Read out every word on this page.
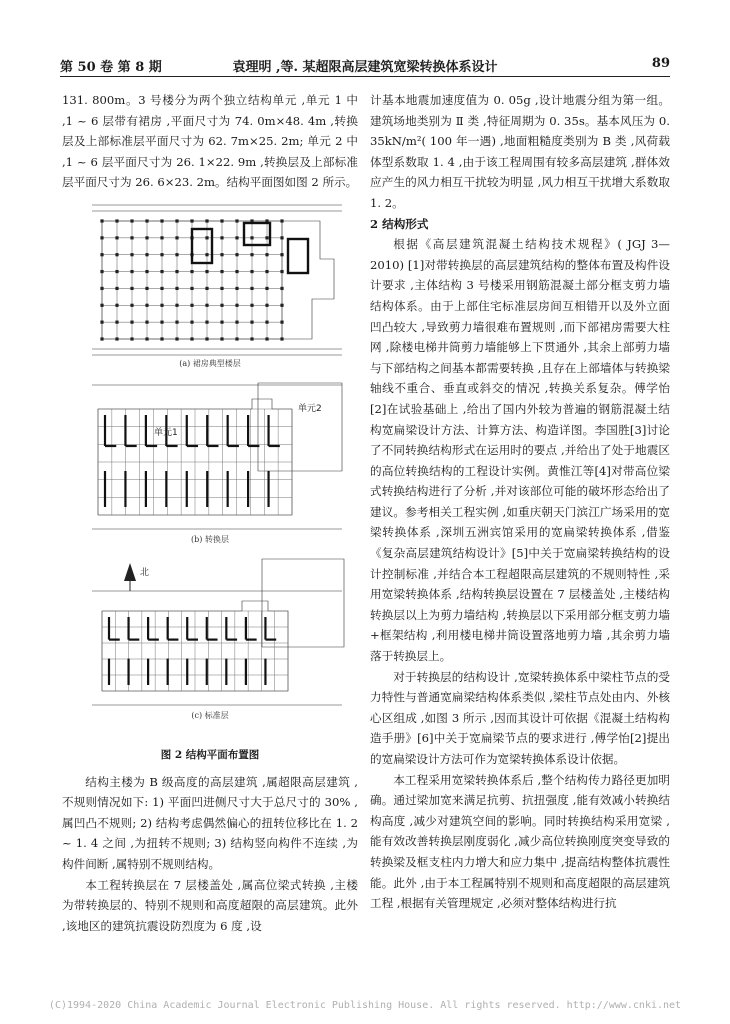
第 50 卷 第 8 期	袁理明 ,等. 某超限高层建筑宽梁转换体系设计	89

131. 800m。3 号楼分为两个独立结构单元 ,单元 1 中 ,1 ~ 6 层带有裙房 ,平面尺寸为 74. 0m×48. 4m ,转换层及上部标准层平面尺寸为 62. 7m×25. 2m; 单元 2 中 ,1 ~ 6 层平面尺寸为 26. 1×22. 9m ,转换层及上部标准层平面尺寸为 26. 6×23. 2m。结构平面图如图 2 所示。

(a) 裙房典型楼层
单元1
单元2
(b) 转换层
北
(c) 标准层
图 2 结构平面布置图

结构主楼为 B 级高度的高层建筑 ,属超限高层建筑 ,不规则情况如下: 1) 平面凹进侧尺寸大于总尺寸的 30% ,属凹凸不规则; 2) 结构考虑偶然偏心的扭转位移比在 1. 2 ~ 1. 4 之间 ,为扭转不规则; 3) 结构竖向构件不连续 ,为构件间断 ,属特别不规则结构。

本工程转换层在 7 层楼盖处 ,属高位梁式转换 ,主楼为带转换层的、特别不规则和高度超限的高层建筑。此外 ,该地区的建筑抗震设防烈度为 6 度 ,设

计基本地震加速度值为 0. 05g ,设计地震分组为第一组。建筑场地类别为 Ⅱ 类 ,特征周期为 0. 35s。基本风压为 0. 35kN/m²( 100 年一遇) ,地面粗糙度类别为 B 类 ,风荷载体型系数取 1. 4 ,由于该工程周围有较多高层建筑 ,群体效应产生的风力相互干扰较为明显 ,风力相互干扰增大系数取 1. 2。

2 结构形式

根据《高层建筑混凝土结构技术规程》( JGJ 3—2010) [1]对带转换层的高层建筑结构的整体布置及构件设计要求 ,主体结构 3 号楼采用钢筋混凝土部分框支剪力墙结构体系。由于上部住宅标准层房间互相错开以及外立面凹凸较大 ,导致剪力墙很难布置规则 ,而下部裙房需要大柱网 ,除楼电梯井筒剪力墙能够上下贯通外 ,其余上部剪力墙与下部结构之间基本都需要转换 ,且存在上部墙体与转换梁轴线不重合、垂直或斜交的情况 ,转换关系复杂。傅学怡[2]在试验基础上 ,给出了国内外较为普遍的钢筋混凝土结构宽扁梁设计方法、计算方法、构造详图。李国胜[3]讨论了不同转换结构形式在运用时的要点 ,并给出了处于地震区的高位转换结构的工程设计实例。黄惟江等[4]对带高位梁式转换结构进行了分析 ,并对该部位可能的破坏形态给出了建议。参考相关工程实例 ,如重庆朝天门滨江广场采用的宽梁转换体系 ,深圳五洲宾馆采用的宽扁梁转换体系 ,借鉴《复杂高层建筑结构设计》[5]中关于宽扁梁转换结构的设计控制标准 ,并结合本工程超限高层建筑的不规则特性 ,采用宽梁转换体系 ,结构转换层设置在 7 层楼盖处 ,主楼结构转换层以上为剪力墙结构 ,转换层以下采用部分框支剪力墙+框架结构 ,利用楼电梯井筒设置落地剪力墙 ,其余剪力墙落于转换层上。

对于转换层的结构设计 ,宽梁转换体系中梁柱节点的受力特性与普通宽扁梁结构体系类似 ,梁柱节点处由内、外核心区组成 ,如图 3 所示 ,因而其设计可依据《混凝土结构构造手册》[6]中关于宽扁梁节点的要求进行 ,傅学怡[2]提出的宽扁梁设计方法可作为宽梁转换体系设计依据。

本工程采用宽梁转换体系后 ,整个结构传力路径更加明确。通过梁加宽来满足抗剪、抗扭强度 ,能有效减小转换结构高度 ,减少对建筑空间的影响。同时转换结构采用宽梁 ,能有效改善转换层刚度弱化 ,减少高位转换刚度突变导致的转换梁及框支柱内力增大和应力集中 ,提高结构整体抗震性能。此外 ,由于本工程属特别不规则和高度超限的高层建筑工程 ,根据有关管理规定 ,必须对整体结构进行抗

(C)1994-2020 China Academic Journal Electronic Publishing House. All rights reserved. http://www.cnki.net
